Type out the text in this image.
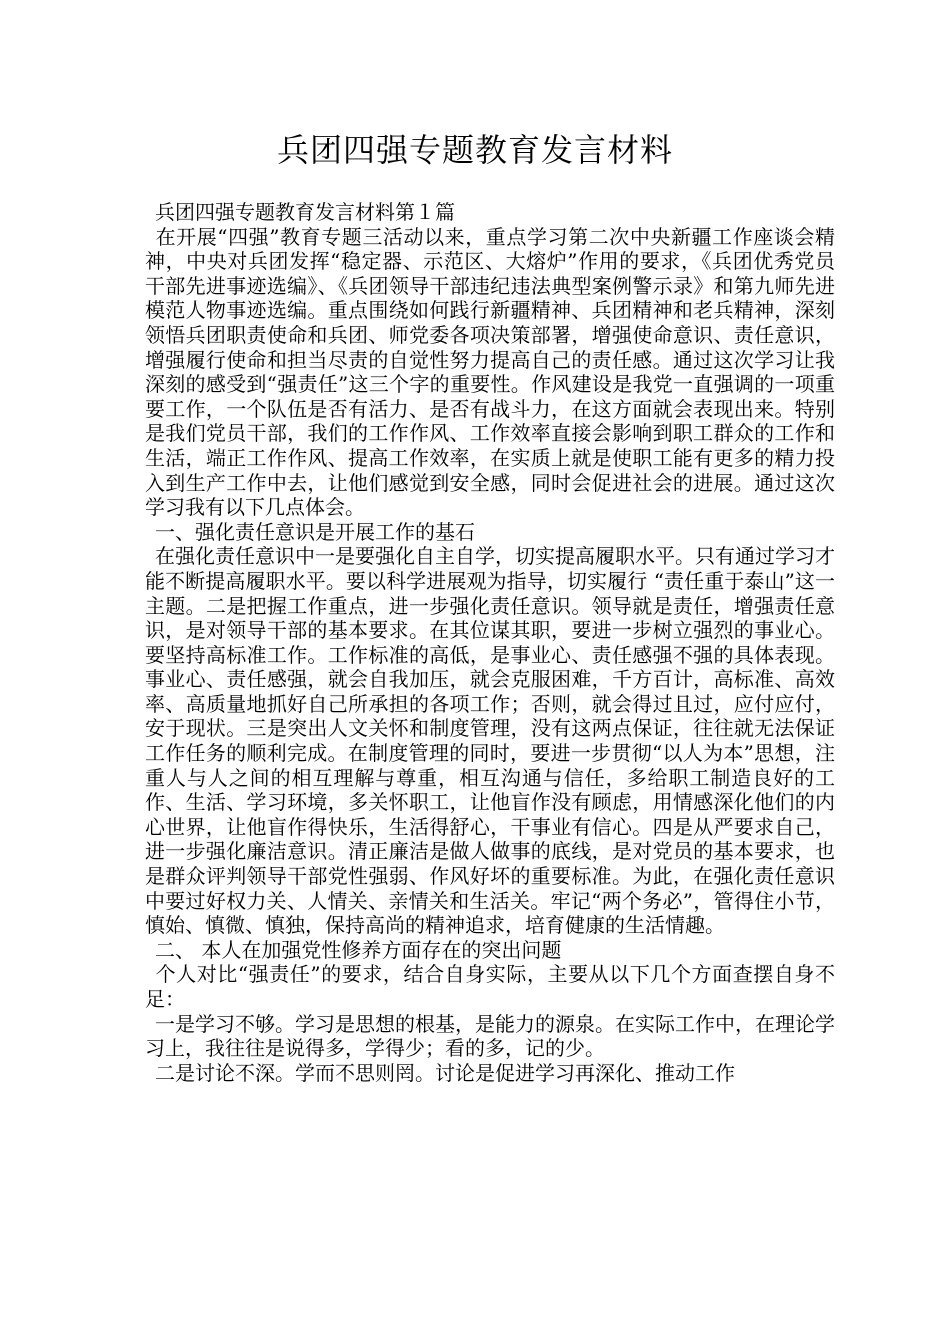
兵团四强专题教育发言材料

兵团四强专题教育发言材料第１篇

在开展“四强”教育专题三活动以来，重点学习第二次中央新疆工作座谈会精神，中央对兵团发挥“稳定器、示范区、大熔炉”作用的要求，《兵团优秀党员干部先进事迹选编》、《兵团领导干部违纪违法典型案例警示录》和第九师先进模范人物事迹选编。重点围绕如何践行新疆精神、兵团精神和老兵精神，深刻领悟兵团职责使命和兵团、师党委各项决策部署，增强使命意识、责任意识，增强履行使命和担当尽责的自觉性努力提高自己的责任感。通过这次学习让我深刻的感受到“强责任”这三个字的重要性。作风建设是我党一直强调的一项重要工作，一个队伍是否有活力、是否有战斗力，在这方面就会表现出来。特别是我们党员干部，我们的工作作风、工作效率直接会影响到职工群众的工作和生活，端正工作作风、提高工作效率，在实质上就是使职工能有更多的精力投入到生产工作中去，让他们感觉到安全感，同时会促进社会的进展。通过这次学习我有以下几点体会。

一、强化责任意识是开展工作的基石

在强化责任意识中一是要强化自主自学，切实提高履职水平。只有通过学习才能不断提高履职水平。要以科学进展观为指导，切实履行 “责任重于泰山”这一主题。二是把握工作重点，进一步强化责任意识。领导就是责任，增强责任意识，是对领导干部的基本要求。在其位谋其职，要进一步树立强烈的事业心。要坚持高标准工作。工作标准的高低，是事业心、责任感强不强的具体表现。事业心、责任感强，就会自我加压，就会克服困难，千方百计，高标准、高效率、高质量地抓好自己所承担的各项工作；否则，就会得过且过，应付应付，安于现状。三是突出人文关怀和制度管理，没有这两点保证，往往就无法保证工作任务的顺利完成。在制度管理的同时，要进一步贯彻“以人为本”思想，注重人与人之间的相互理解与尊重，相互沟通与信任，多给职工制造良好的工作、生活、学习环境，多关怀职工，让他盲作没有顾虑，用情感深化他们的内心世界，让他盲作得快乐，生活得舒心，干事业有信心。四是从严要求自己，进一步强化廉洁意识。清正廉洁是做人做事的底线，是对党员的基本要求，也是群众评判领导干部党性强弱、作风好坏的重要标准。为此，在强化责任意识中要过好权力关、人情关、亲情关和生活关。牢记“两个务必”，管得住小节，慎始、慎微、慎独，保持高尚的精神追求，培育健康的生活情趣。

二、 本人在加强党性修养方面存在的突出问题

个人对比“强责任”的要求，结合自身实际，主要从以下几个方面查摆自身不足：

一是学习不够。学习是思想的根基，是能力的源泉。在实际工作中，在理论学习上，我往往是说得多，学得少；看的多，记的少。

二是讨论不深。学而不思则罔。讨论是促进学习再深化、推动工作
